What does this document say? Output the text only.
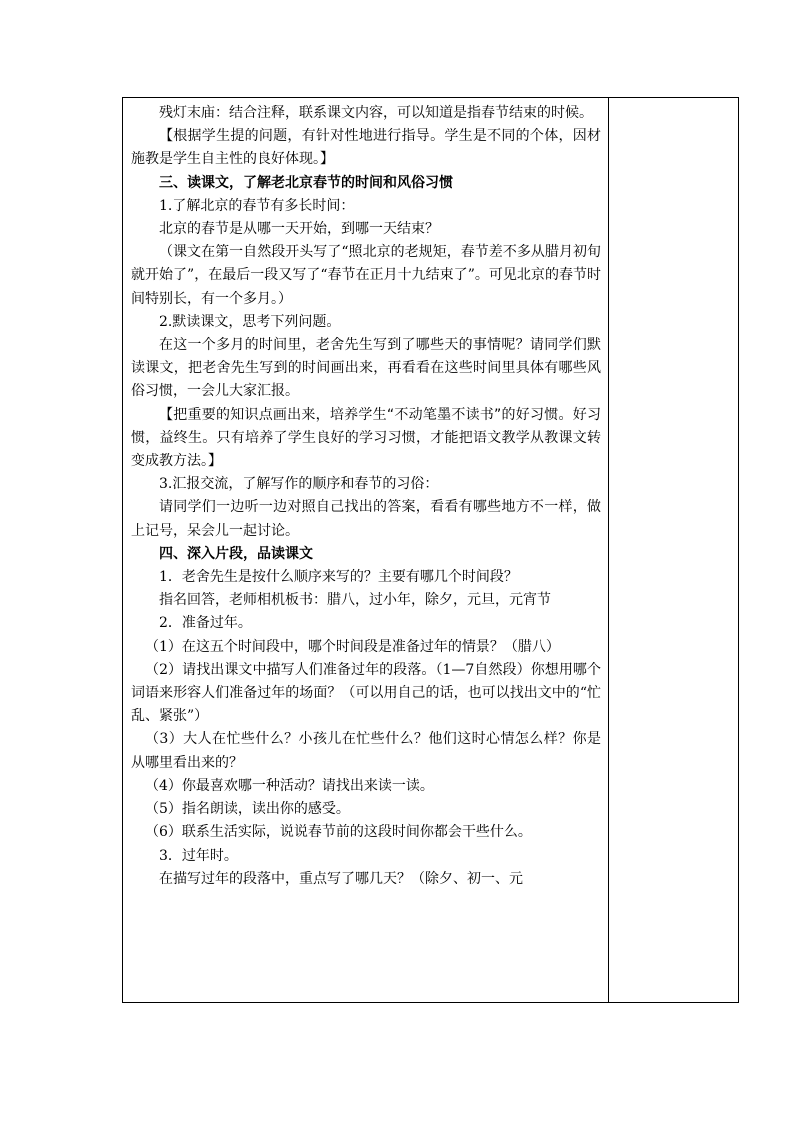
残灯末庙：结合注释，联系课文内容，可以知道是指春节结束的时候。

【根据学生提的问题，有针对性地进行指导。学生是不同的个体，因材施教是学生自主性的良好体现。】

三、读课文，了解老北京春节的时间和风俗习惯

1.了解北京的春节有多长时间：

北京的春节是从哪一天开始，到哪一天结束？

（课文在第一自然段开头写了“照北京的老规矩，春节差不多从腊月初旬就开始了”，在最后一段又写了“春节在正月十九结束了”。可见北京的春节时间特别长，有一个多月。）

2.默读课文，思考下列问题。

在这一个多月的时间里，老舍先生写到了哪些天的事情呢？请同学们默读课文，把老舍先生写到的时间画出来，再看看在这些时间里具体有哪些风俗习惯，一会儿大家汇报。

【把重要的知识点画出来，培养学生“不动笔墨不读书”的好习惯。好习惯，益终生。只有培养了学生良好的学习习惯，才能把语文教学从教课文转变成教方法。】

3.汇报交流，了解写作的顺序和春节的习俗：

请同学们一边听一边对照自己找出的答案，看看有哪些地方不一样，做上记号，呆会儿一起讨论。

四、深入片段，品读课文

1．老舍先生是按什么顺序来写的？主要有哪几个时间段？

指名回答，老师相机板书：腊八，过小年，除夕，元旦，元宵节

2．准备过年。

（1）在这五个时间段中，哪个时间段是准备过年的情景？（腊八）

（2）请找出课文中描写人们准备过年的段落。（1—7自然段）你想用哪个词语来形容人们准备过年的场面？（可以用自己的话，也可以找出文中的“忙乱、紧张”）

（3）大人在忙些什么？小孩儿在忙些什么？他们这时心情怎么样？你是从哪里看出来的？

（4）你最喜欢哪一种活动？请找出来读一读。

（5）指名朗读，读出你的感受。

（6）联系生活实际，说说春节前的这段时间你都会干些什么。

3．过年时。

在描写过年的段落中，重点写了哪几天？（除夕、初一、元
